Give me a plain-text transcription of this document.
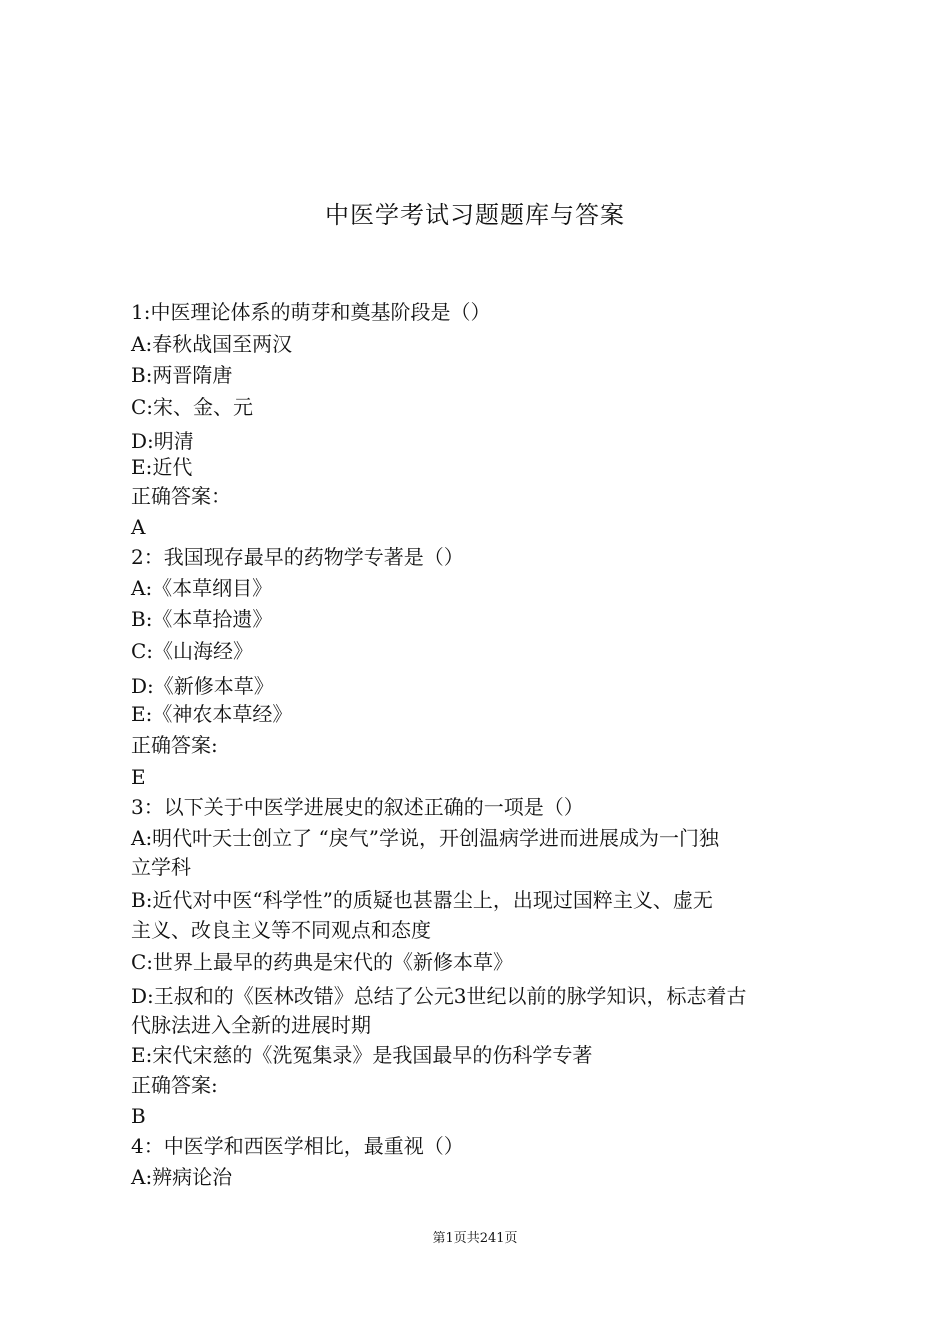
中医学考试习题题库与答案
1:中医理论体系的萌芽和奠基阶段是（）
A:春秋战国至两汉
B:两晋隋唐
C:宋、金、元
D:明清
E:近代
正确答案：
A
2：我国现存最早的药物学专著是（）
A:《本草纲目》
B:《本草拾遗》
C:《山海经》
D:《新修本草》
E:《神农本草经》
正确答案:
E
3：以下关于中医学进展史的叙述正确的一项是（）
A:明代叶天士创立了 “戾气”学说，开创温病学进而进展成为一门独
立学科
B:近代对中医“科学性”的质疑也甚嚣尘上，出现过国粹主义、虚无
主义、改良主义等不同观点和态度
C:世界上最早的药典是宋代的《新修本草》
D:王叔和的《医林改错》总结了公元3世纪以前的脉学知识，标志着古
代脉法进入全新的进展时期
E:宋代宋慈的《洗冤集录》是我国最早的伤科学专著
正确答案:
B
4：中医学和西医学相比，最重视（）
A:辨病论治
第1页共241页
